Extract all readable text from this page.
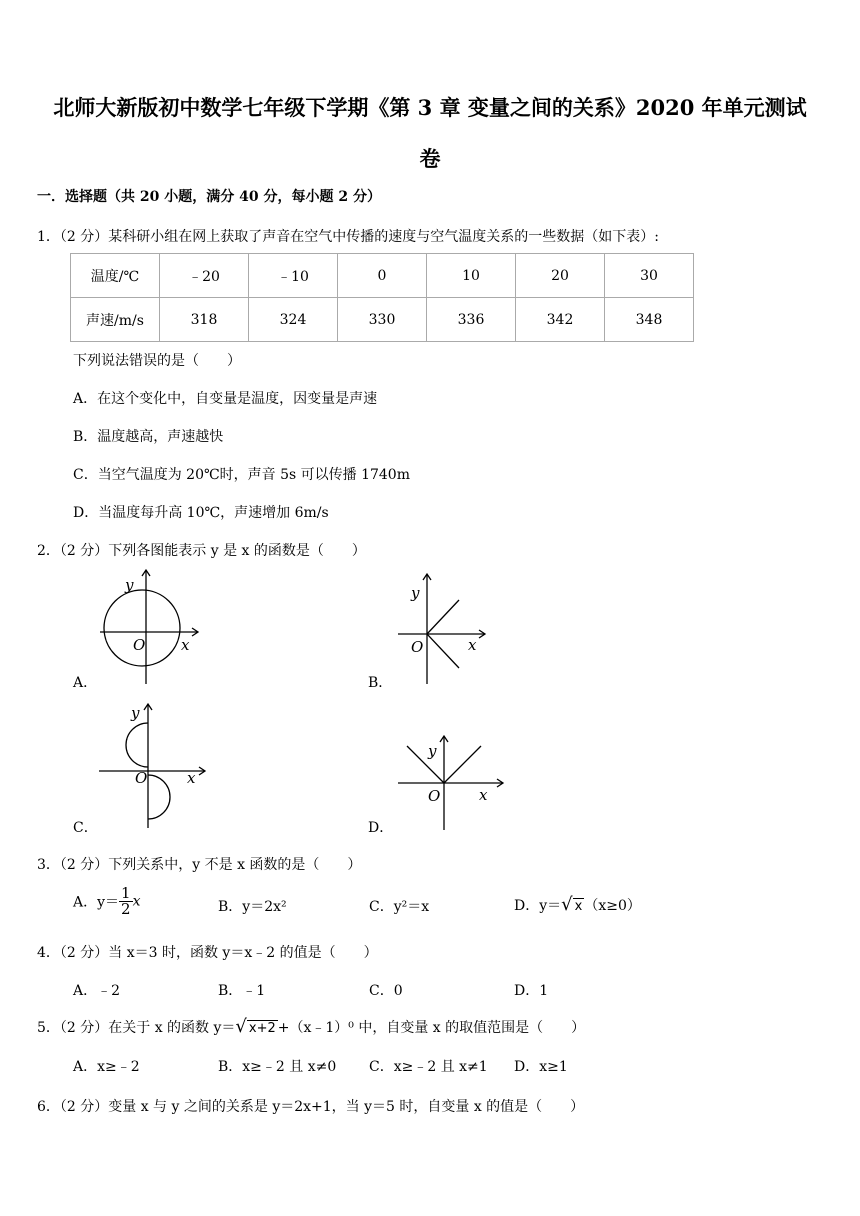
北师大新版初中数学七年级下学期《第 3 章 变量之间的关系》2020 年单元测试
卷
一．选择题（共 20 小题，满分 40 分，每小题 2 分）
1．（2 分）某科研小组在网上获取了声音在空气中传播的速度与空气温度关系的一些数据（如下表）:
温度/℃	﹣20	﹣10	0	10	20	30
声速/m/s	318	324	330	336	342	348
下列说法错误的是（　　）
A．在这个变化中，自变量是温度，因变量是声速
B．温度越高，声速越快
C．当空气温度为 20℃时，声音 5s 可以传播 1740m
D．当温度每升高 10℃，声速增加 6m/s
2．（2 分）下列各图能表示 y 是 x 的函数是（　　）
y
O x
A．
y
O	x
B．
y
O	x
C．
y
O	x
D．
3．（2 分）下列关系中，y 不是 x 函数的是（　　）
A．$y= \frac{1}{2}$ x	B．y＝2x²	C．y²＝x	D．y＝√ x （x≥0）
4．（2 分）当 x＝3 时，函数 y＝x﹣2 的值是（　　）
A．﹣2	B．﹣1	C．0	D．1
5．（2 分）在关于 x 的函数 y＝√ x+2 +（x﹣1）⁰ 中，自变量 x 的取值范围是（　　）
A．x≥﹣2	B．x≥﹣2 且 x≠0 C．x≥﹣2 且 x≠1 D．x≥1
6．（2 分）变量 x 与 y 之间的关系是 y＝2x+1，当 y＝5 时，自变量 x 的值是（　　）
